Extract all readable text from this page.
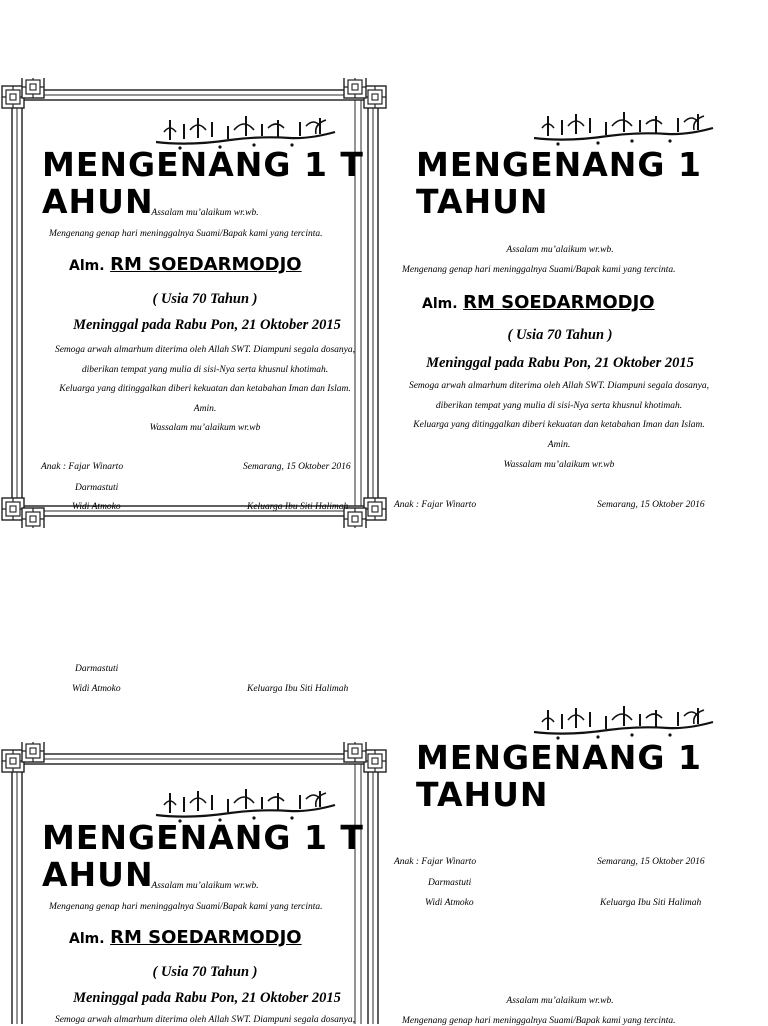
MENGENANG 1 T
AHUN

Assalam mu’alaikum wr.wb.
Mengenang genap hari meninggalnya Suami/Bapak kami yang tercinta.
Alm. RM SOEDARMODJO
( Usia 70 Tahun )
Meninggal pada Rabu Pon, 21 Oktober 2015
Semoga arwah almarhum diterima oleh Allah SWT. Diampuni segala dosanya,
diberikan tempat yang mulia di sisi-Nya serta khusnul khotimah.
Keluarga yang ditinggalkan diberi kekuatan dan ketabahan Iman dan Islam.
Amin.
Wassalam mu’alaikum wr.wb
Anak : Fajar Winarto	Semarang, 15 Oktober 2016
Darmastuti
Widi Atmoko	Keluarga Ibu Siti Halimah

MENGENANG 1
TAHUN

Assalam mu’alaikum wr.wb.
Mengenang genap hari meninggalnya Suami/Bapak kami yang tercinta.
Alm. RM SOEDARMODJO
( Usia 70 Tahun )
Meninggal pada Rabu Pon, 21 Oktober 2015
Semoga arwah almarhum diterima oleh Allah SWT. Diampuni segala dosanya,
diberikan tempat yang mulia di sisi-Nya serta khusnul khotimah.
Keluarga yang ditinggalkan diberi kekuatan dan ketabahan Iman dan Islam.
Amin.
Wassalam mu’alaikum wr.wb
Anak : Fajar Winarto	Semarang, 15 Oktober 2016
Darmastuti
Widi Atmoko	Keluarga Ibu Siti Halimah

MENGENANG 1
TAHUN

Anak : Fajar Winarto	Semarang, 15 Oktober 2016
Darmastuti
Widi Atmoko	Keluarga Ibu Siti Halimah
Assalam mu’alaikum wr.wb.
Mengenang genap hari meninggalnya Suami/Bapak kami yang tercinta.

MENGENANG 1 T
AHUN

Assalam mu’alaikum wr.wb.
Mengenang genap hari meninggalnya Suami/Bapak kami yang tercinta.
Alm. RM SOEDARMODJO
( Usia 70 Tahun )
Meninggal pada Rabu Pon, 21 Oktober 2015
Semoga arwah almarhum diterima oleh Allah SWT. Diampuni segala dosanya,
